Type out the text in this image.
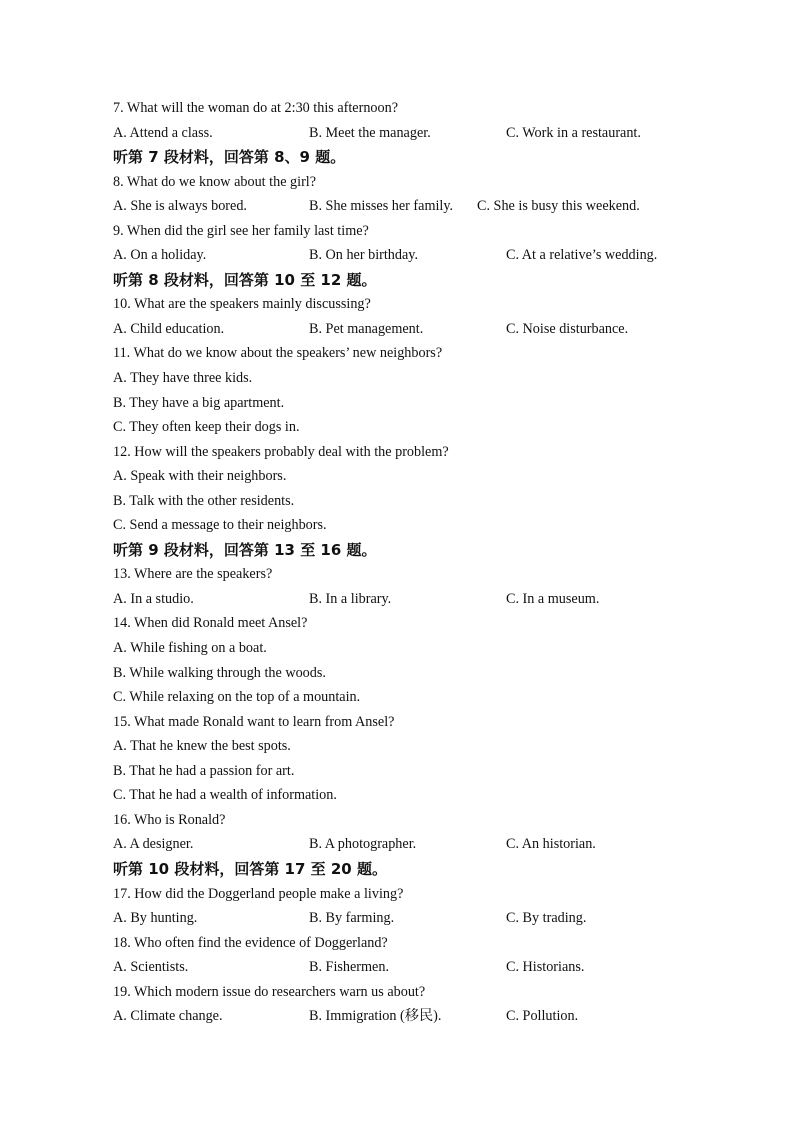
7. What will the woman do at 2:30 this afternoon?
A. Attend a class.	B. Meet the manager.	C. Work in a restaurant.
听第 7 段材料，回答第 8、9 题。
8. What do we know about the girl?
A. She is always bored.	B. She misses her family. C. She is busy this weekend.
9. When did the girl see her family last time?
A. On a holiday.	B. On her birthday.	C. At a relative’s wedding.
听第 8 段材料，回答第 10 至 12 题。
10. What are the speakers mainly discussing?
A. Child education.	B. Pet management.	C. Noise disturbance.
11. What do we know about the speakers’ new neighbors?
A. They have three kids.
B. They have a big apartment.
C. They often keep their dogs in.
12. How will the speakers probably deal with the problem?
A. Speak with their neighbors.
B. Talk with the other residents.
C. Send a message to their neighbors.
听第 9 段材料，回答第 13 至 16 题。
13. Where are the speakers?
A. In a studio.	B. In a library.	C. In a museum.
14. When did Ronald meet Ansel?
A. While fishing on a boat.
B. While walking through the woods.
C. While relaxing on the top of a mountain.
15. What made Ronald want to learn from Ansel?
A. That he knew the best spots.
B. That he had a passion for art.
C. That he had a wealth of information.
16. Who is Ronald?
A. A designer.	B. A photographer.	C. An historian.
听第 10 段材料，回答第 17 至 20 题。
17. How did the Doggerland people make a living?
A. By hunting.	B. By farming.	C. By trading.
18. Who often find the evidence of Doggerland?
A. Scientists.	B. Fishermen.	C. Historians.
19. Which modern issue do researchers warn us about?
A. Climate change.	B. Immigration (移民).	C. Pollution.
